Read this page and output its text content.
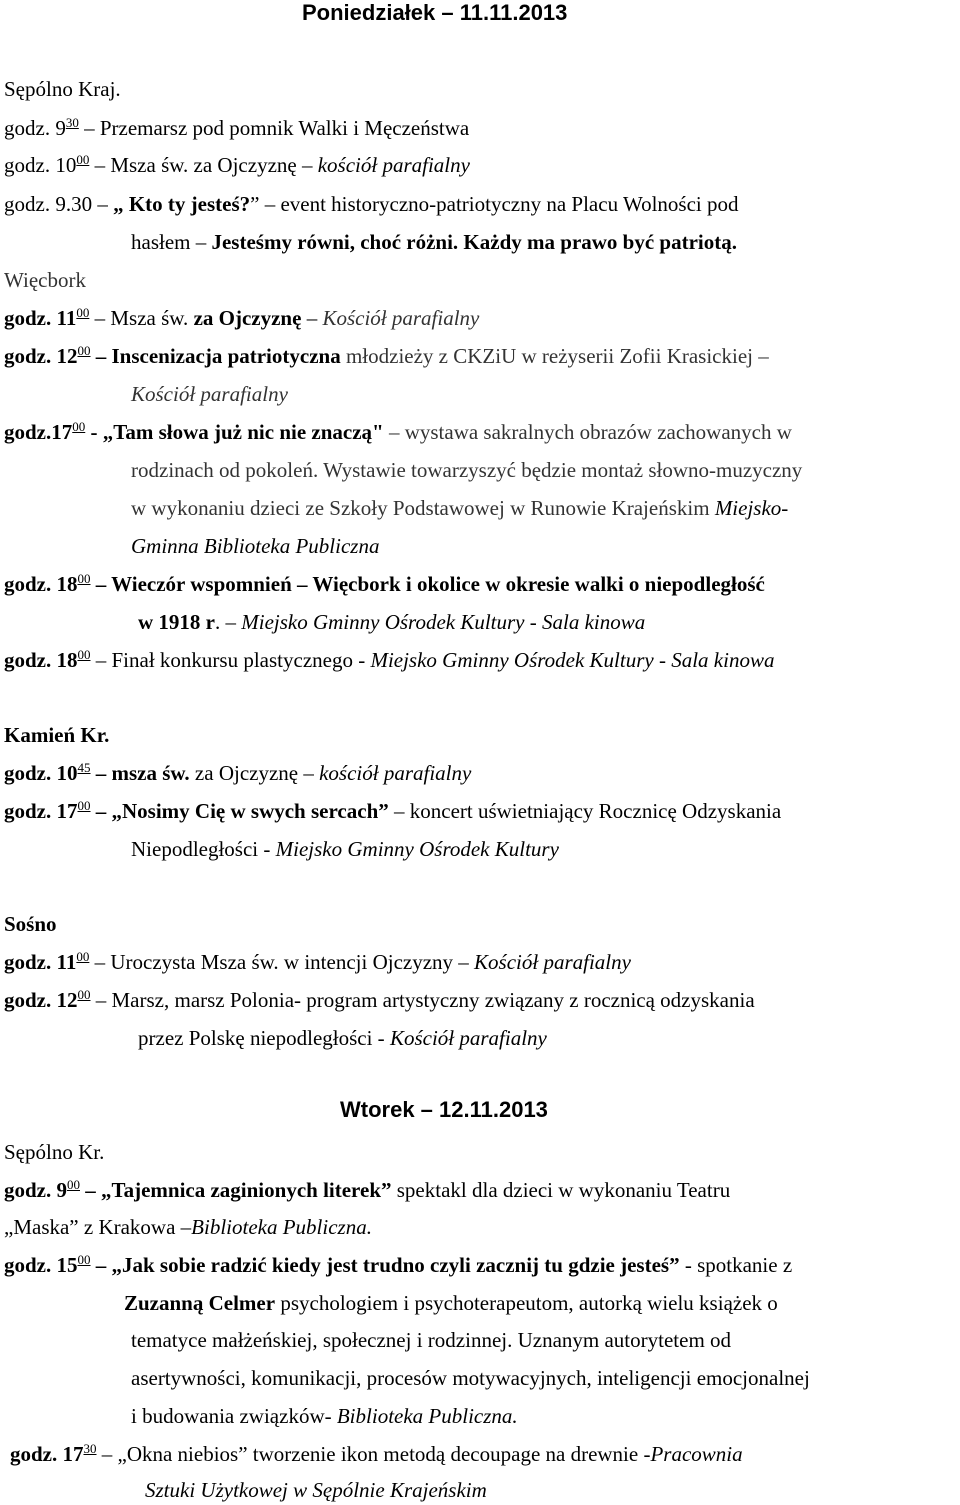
Poniedziałek – 11.11.2013
Sępólno Kraj.
godz. $9^{30}$ – Przemarsz pod pomnik Walki i Męczeństwa
godz. $10^{00}$ – Msza św. za Ojczyznę – kościół parafialny
godz. 9.30 – „ Kto ty jesteś?” – event historyczno-patriotyczny na Placu Wolności pod
hasłem – Jesteśmy równi, choć różni. Każdy ma prawo być patriotą.
Więcbork
godz. $11^{00}$ – Msza św. za Ojczyznę – Kościół parafialny
godz. $12^{00}$ – Inscenizacja patriotyczna młodzieży z CKZiU w reżyserii Zofii Krasickiej –
Kościół parafialny
$godz.17^{00}$ - „Tam słowa już nic nie znaczą" – wystawa sakralnych obrazów zachowanych w
rodzinach od pokoleń. Wystawie towarzyszyć będzie montaż słowno-muzyczny
w wykonaniu dzieci ze Szkoły Podstawowej w Runowie Krajeńskim Miejsko-
Gminna Biblioteka Publiczna
godz. $18^{00}$ – Wieczór wspomnień – Więcbork i okolice w okresie walki o niepodległość
w 1918 r. – Miejsko Gminny Ośrodek Kultury - Sala kinowa
godz. $18^{00}$ – Finał konkursu plastycznego - Miejsko Gminny Ośrodek Kultury - Sala kinowa
Kamień Kr.
godz. $10^{45}$ – msza św. za Ojczyznę – kościół parafialny
godz. $17^{00}$ – „Nosimy Cię w swych sercach” – koncert uświetniający Rocznicę Odzyskania
Niepodległości - Miejsko Gminny Ośrodek Kultury
Sośno
godz. $11^{00}$ – Uroczysta Msza św. w intencji Ojczyzny – Kościół parafialny
godz. $12^{00}$ – Marsz, marsz Polonia- program artystyczny związany z rocznicą odzyskania
przez Polskę niepodległości - Kościół parafialny
Wtorek – 12.11.2013
Sępólno Kr.
godz. $9^{00}$ – „Tajemnica zaginionych literek” spektakl dla dzieci w wykonaniu Teatru
„Maska” z Krakowa –Biblioteka Publiczna.
godz. $15^{00}$ – „Jak sobie radzić kiedy jest trudno czyli zacznij tu gdzie jesteś” - spotkanie z
Zuzanną Celmer psychologiem i psychoterapeutom, autorką wielu książek o
tematyce małżeńskiej, społecznej i rodzinnej. Uznanym autorytetem od
asertywności, komunikacji, procesów motywacyjnych, inteligencji emocjonalnej
i budowania związków- Biblioteka Publiczna.
godz. $17^{30}$ – „Okna niebios” tworzenie ikon metodą decoupage na drewnie -Pracownia
Sztuki Użytkowej w Sępólnie Krajeńskim
